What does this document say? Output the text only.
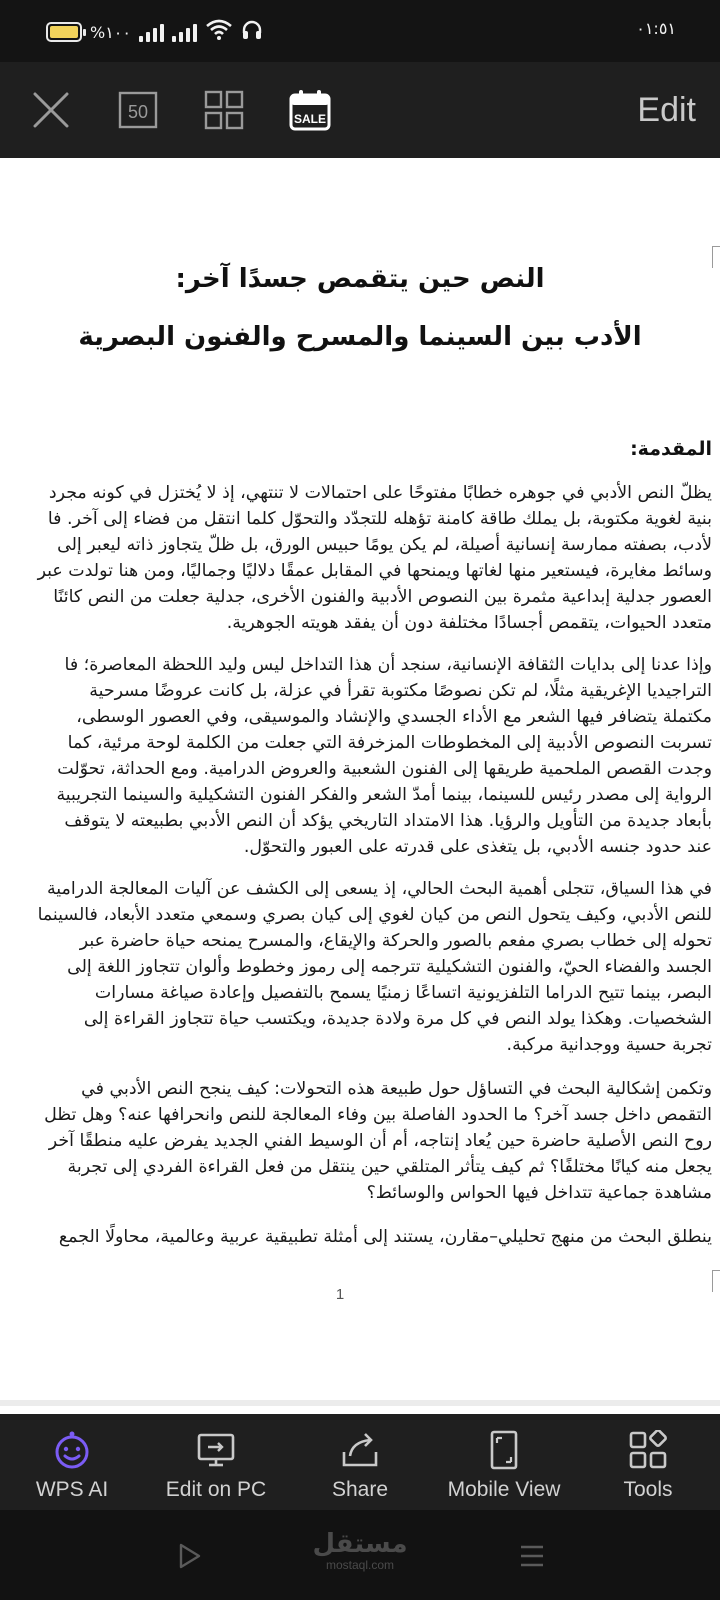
%١٠٠	٠١:٥١
50	SALE	Edit
النص حين يتقمص جسدًا آخر:
الأدب بين السينما والمسرح والفنون البصرية
المقدمة:
يظلّ النص الأدبي في جوهره خطابًا مفتوحًا على احتمالات لا تنتهي، إذ لا يُختزل في كونه مجرد
بنية لغوية مكتوبة، بل يملك طاقة كامنة تؤهله للتجدّد والتحوّل كلما انتقل من فضاء إلى آخر. فا
لأدب، بصفته ممارسة إنسانية أصيلة، لم يكن يومًا حبيس الورق، بل ظلّ يتجاوز ذاته ليعبر إلى
وسائط مغايرة، فيستعير منها لغاتها ويمنحها في المقابل عمقًا دلاليًا وجماليًا، ومن هنا تولدت عبر
العصور جدلية إبداعية مثمرة بين النصوص الأدبية والفنون الأخرى، جدلية جعلت من النص كائنًا
متعدد الحيوات، يتقمص أجسادًا مختلفة دون أن يفقد هويته الجوهرية.
وإذا عدنا إلى بدايات الثقافة الإنسانية، سنجد أن هذا التداخل ليس وليد اللحظة المعاصرة؛ فا
التراجيديا الإغريقية مثلًا، لم تكن نصوصًا مكتوبة تقرأ في عزلة، بل كانت عروضًا مسرحية
مكتملة يتضافر فيها الشعر مع الأداء الجسدي والإنشاد والموسيقى، وفي العصور الوسطى،
تسربت النصوص الأدبية إلى المخطوطات المزخرفة التي جعلت من الكلمة لوحة مرئية، كما
وجدت القصص الملحمية طريقها إلى الفنون الشعبية والعروض الدرامية. ومع الحداثة، تحوّلت
الرواية إلى مصدر رئيس للسينما، بينما أمدّ الشعر والفكر الفنون التشكيلية والسينما التجريبية
بأبعاد جديدة من التأويل والرؤيا. هذا الامتداد التاريخي يؤكد أن النص الأدبي بطبيعته لا يتوقف
عند حدود جنسه الأدبي، بل يتغذى على قدرته على العبور والتحوّل.
في هذا السياق، تتجلى أهمية البحث الحالي، إذ يسعى إلى الكشف عن آليات المعالجة الدرامية
للنص الأدبي، وكيف يتحول النص من كيان لغوي إلى كيان بصري وسمعي متعدد الأبعاد، فالسينما
تحوله إلى خطاب بصري مفعم بالصور والحركة والإيقاع، والمسرح يمنحه حياة حاضرة عبر
الجسد والفضاء الحيّ، والفنون التشكيلية تترجمه إلى رموز وخطوط وألوان تتجاوز اللغة إلى
البصر، بينما تتيح الدراما التلفزيونية اتساعًا زمنيًا يسمح بالتفصيل وإعادة صياغة مسارات
الشخصيات. وهكذا يولد النص في كل مرة ولادة جديدة، ويكتسب حياة تتجاوز القراءة إلى
تجربة حسية ووجدانية مركبة.
وتكمن إشكالية البحث في التساؤل حول طبيعة هذه التحولات: كيف ينجح النص الأدبي في
التقمص داخل جسد آخر؟ ما الحدود الفاصلة بين وفاء المعالجة للنص وانحرافها عنه؟ وهل تظل
روح النص الأصلية حاضرة حين يُعاد إنتاجه، أم أن الوسيط الفني الجديد يفرض عليه منطقًا آخر
يجعل منه كيانًا مختلفًا؟ ثم كيف يتأثر المتلقي حين ينتقل من فعل القراءة الفردي إلى تجربة
مشاهدة جماعية تتداخل فيها الحواس والوسائط؟
ينطلق البحث من منهج تحليلي–مقارن، يستند إلى أمثلة تطبيقية عربية وعالمية، محاولًا الجمع
1
WPS AI	Edit on PC	Share	Mobile View	Tools
مستقل
mostaql.com
